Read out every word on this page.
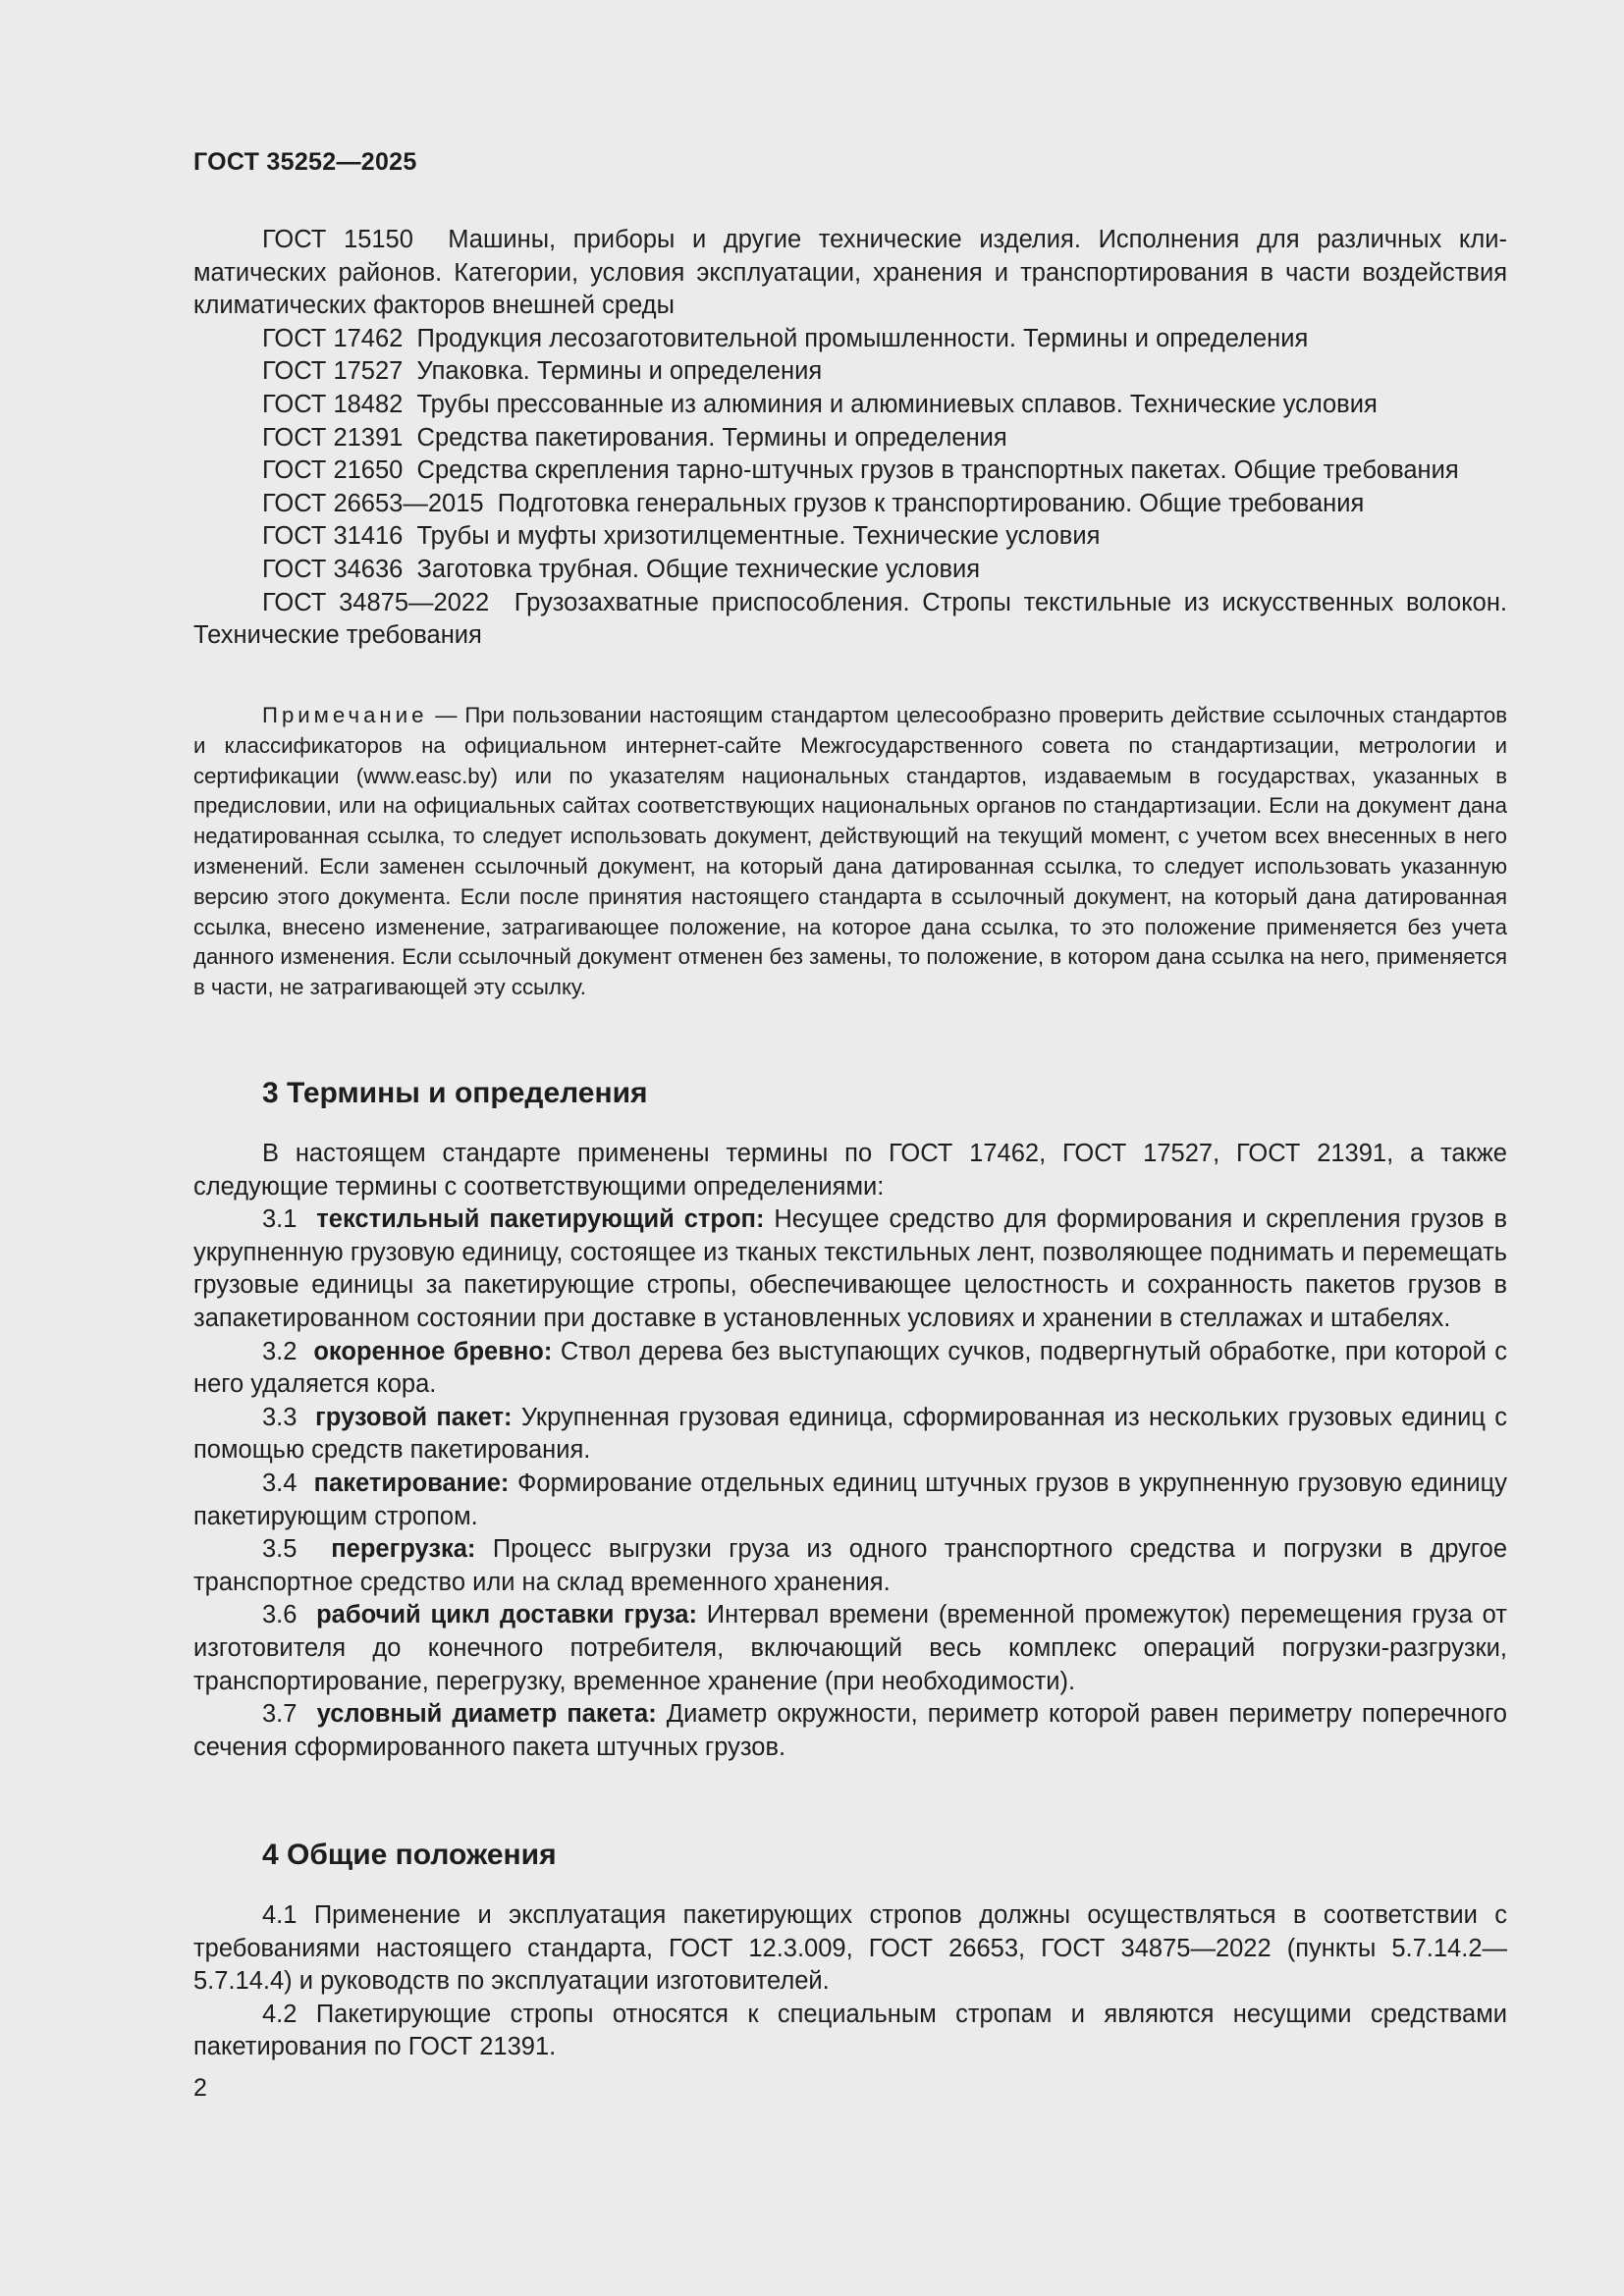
ГОСТ 35252—2025

ГОСТ 15150 Машины, приборы и другие технические изделия. Исполнения для различных климатических районов. Категории, условия эксплуатации, хранения и транспортирования в части воздействия климатических факторов внешней среды

ГОСТ 17462 Продукция лесозаготовительной промышленности. Термины и определения

ГОСТ 17527 Упаковка. Термины и определения

ГОСТ 18482 Трубы прессованные из алюминия и алюминиевых сплавов. Технические условия

ГОСТ 21391 Средства пакетирования. Термины и определения

ГОСТ 21650 Средства скрепления тарно-штучных грузов в транспортных пакетах. Общие требования

ГОСТ 26653—2015 Подготовка генеральных грузов к транспортированию. Общие требования

ГОСТ 31416 Трубы и муфты хризотилцементные. Технические условия

ГОСТ 34636 Заготовка трубная. Общие технические условия

ГОСТ 34875—2022 Грузозахватные приспособления. Стропы текстильные из искусственных волокон. Технические требования

Примечание — При пользовании настоящим стандартом целесообразно проверить действие ссылочных стандартов и классификаторов на официальном интернет-сайте Межгосударственного совета по стандартизации, метрологии и сертификации (www.easc.by) или по указателям национальных стандартов, издаваемым в государствах, указанных в предисловии, или на официальных сайтах соответствующих национальных органов по стандартизации. Если на документ дана недатированная ссылка, то следует использовать документ, действующий на текущий момент, с учетом всех внесенных в него изменений. Если заменен ссылочный документ, на который дана датированная ссылка, то следует использовать указанную версию этого документа. Если после принятия настоящего стандарта в ссылочный документ, на который дана датированная ссылка, внесено изменение, затрагивающее положение, на которое дана ссылка, то это положение применяется без учета данного изменения. Если ссылочный документ отменен без замены, то положение, в котором дана ссылка на него, применяется в части, не затрагивающей эту ссылку.

3 Термины и определения

В настоящем стандарте применены термины по ГОСТ 17462, ГОСТ 17527, ГОСТ 21391, а также следующие термины с соответствующими определениями:

3.1 текстильный пакетирующий строп: Несущее средство для формирования и скрепления грузов в укрупненную грузовую единицу, состоящее из тканых текстильных лент, позволяющее поднимать и перемещать грузовые единицы за пакетирующие стропы, обеспечивающее целостность и сохранность пакетов грузов в запакетированном состоянии при доставке в установленных условиях и хранении в стеллажах и штабелях.

3.2 окоренное бревно: Ствол дерева без выступающих сучков, подвергнутый обработке, при которой с него удаляется кора.

3.3 грузовой пакет: Укрупненная грузовая единица, сформированная из нескольких грузовых единиц с помощью средств пакетирования.

3.4 пакетирование: Формирование отдельных единиц штучных грузов в укрупненную грузовую единицу пакетирующим стропом.

3.5 перегрузка: Процесс выгрузки груза из одного транспортного средства и погрузки в другое транспортное средство или на склад временного хранения.

3.6 рабочий цикл доставки груза: Интервал времени (временной промежуток) перемещения груза от изготовителя до конечного потребителя, включающий весь комплекс операций погрузки-разгрузки, транспортирование, перегрузку, временное хранение (при необходимости).

3.7 условный диаметр пакета: Диаметр окружности, периметр которой равен периметру поперечного сечения сформированного пакета штучных грузов.

4 Общие положения

4.1 Применение и эксплуатация пакетирующих стропов должны осуществляться в соответствии с требованиями настоящего стандарта, ГОСТ 12.3.009, ГОСТ 26653, ГОСТ 34875—2022 (пункты 5.7.14.2— 5.7.14.4) и руководств по эксплуатации изготовителей.

4.2 Пакетирующие стропы относятся к специальным стропам и являются несущими средствами пакетирования по ГОСТ 21391.

2
